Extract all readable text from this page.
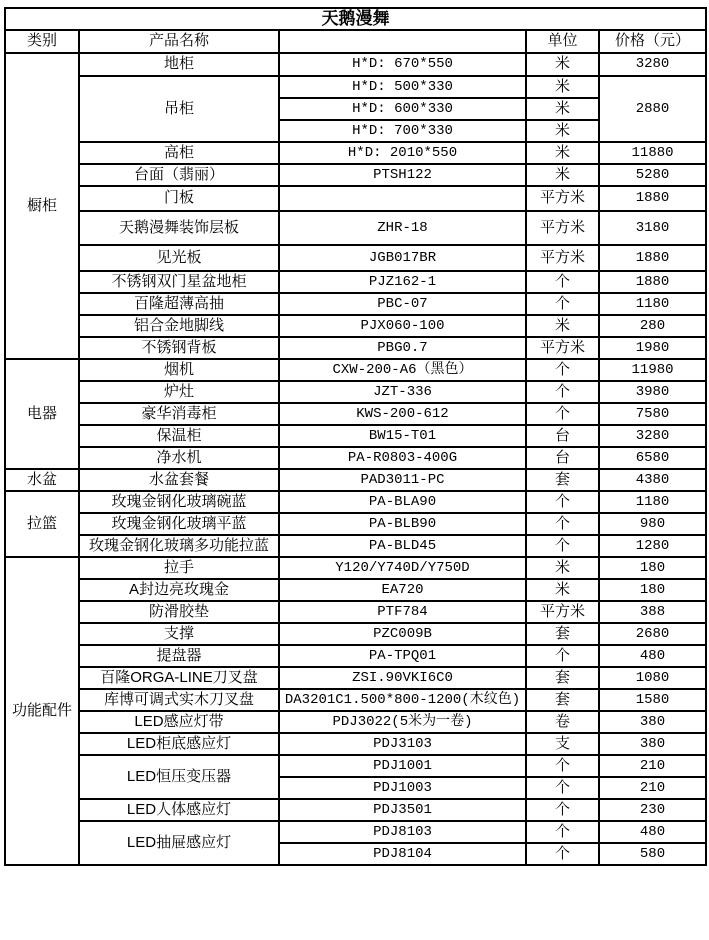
天鹅漫舞				
类别	产品名称		单位	价格（元）
橱柜	地柜	H*D: 670*550	米	3280
	吊柜	H*D: 500*330	米	2880
		H*D: 600*330	米	
		H*D: 700*330	米	
	高柜	H*D: 2010*550	米	11880
	台面（翡丽）	PTSH122	米	5280
	门板		平方米	1880
	天鹅漫舞装饰层板	ZHR-18	平方米	3180
	见光板	JGB017BR	平方米	1880
	不锈钢双门星盆地柜	PJZ162-1	个	1880
	百隆超薄高抽	PBC-07	个	1180
	铝合金地脚线	PJX060-100	米	280
	不锈钢背板	PBG0.7	平方米	1980
电器	烟机	CXW-200-A6（黑色）	个	11980
	炉灶	JZT-336	个	3980
	豪华消毒柜	KWS-200-612	个	7580
	保温柜	BW15-T01	台	3280
	净水机	PA-R0803-400G	台	6580
水盆	水盆套餐	PAD3011-PC	套	4380
拉篮	玫瑰金钢化玻璃碗蓝	PA-BLA90	个	1180
	玫瑰金钢化玻璃平蓝	PA-BLB90	个	980
	玫瑰金钢化玻璃多功能拉蓝	PA-BLD45	个	1280
功能配件	拉手	Y120/Y740D/Y750D	米	180
	A封边亮玫瑰金	EA720	米	180
	防滑胶垫	PTF784	平方米	388
	支撑	PZC009B	套	2680
	提盘器	PA-TPQ01	个	480
	百隆ORGA-LINE刀叉盘	ZSI.90VKI6C0	套	1080
	库博可调式实木刀叉盘	DA3201C1.500*800-1200(木纹色)	套	1580
	LED感应灯带	PDJ3022(5米为一卷)	卷	380
	LED柜底感应灯	PDJ3103	支	380
	LED恒压变压器	PDJ1001	个	210
		PDJ1003	个	210
	LED人体感应灯	PDJ3501	个	230
	LED抽屉感应灯	PDJ8103	个	480
		PDJ8104	个	580
